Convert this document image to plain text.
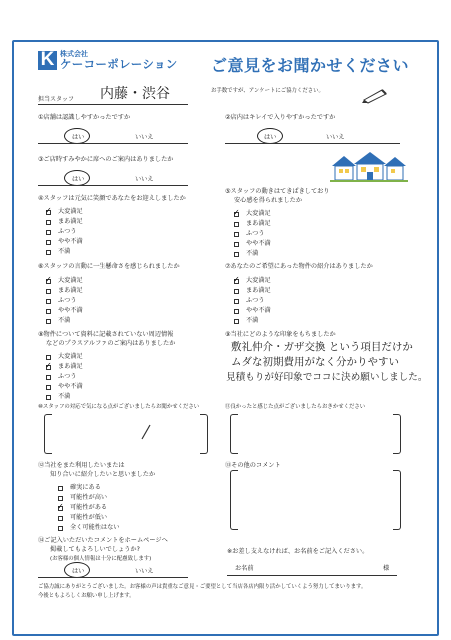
K 株式会社
ケーコーポレーション ご意見をお聞かせください
担当スタッフ 内藤・渋谷	お手数ですが、アンケートにご協力ください。
①店舗は認識しやすかったですか
はい	いいえ
②店内はキレイで入りやすかったですか
はい	いいえ
③ご店時すみやかに席へのご案内はありましたか
はい	いいえ
④スタッフは元気に笑顔であなたをお迎えしましたか
✓ 大変満足
まあ満足
ふつう
やや不満
不満
⑤スタッフの動きはてきぱきしており
安心感を得られましたか
✓ 大変満足
まあ満足
ふつう
やや不満
不満
⑥スタッフの言動に一生懸命さを感じられましたか
✓ 大変満足
まあ満足
ふつう
やや不満
不満
⑦あなたのご希望にあった物件の紹介はありましたか
✓ 大変満足
まあ満足
ふつう
やや不満
不満
⑧物件について資料に記載されていない周辺情報
などのプラスアルファのご案内はありましたか
大変満足
✓ まあ満足
ふつう
やや不満
不満
⑨当社にどのような印象をもちましたか
敷礼仲介・ガザ交換 という項目だけか
ムダな初期費用がなく分かりやすい
見積もりが好印象でココに決め願いしました。
⑩スタッフの対応で気になる点がございましたらお聞かせください	⑪良かったと感じた点がございましたらおきかせください
⑫当社をまた利用したいまたは
知り合いに紹介したいと思いましたか
確実にある
可能性が高い
✓ 可能性がある
可能性が低い
全く可能性はない
⑬その他のコメント
⑭ご記入いただいたコメントをホームページへ
掲載してもよろしいでしょうか?
(お客様の個人情報は十分に配慮致します)
はい	いいえ
※お差し支えなければ、お名前をご記入ください。
お名前	様
ご協力誠にありがとうございました。お客様の声は貴重なご意見・ご要望として当店各店内限り活かしていくよう努力してまいります。
今後ともよろしくお願い申し上げます。
